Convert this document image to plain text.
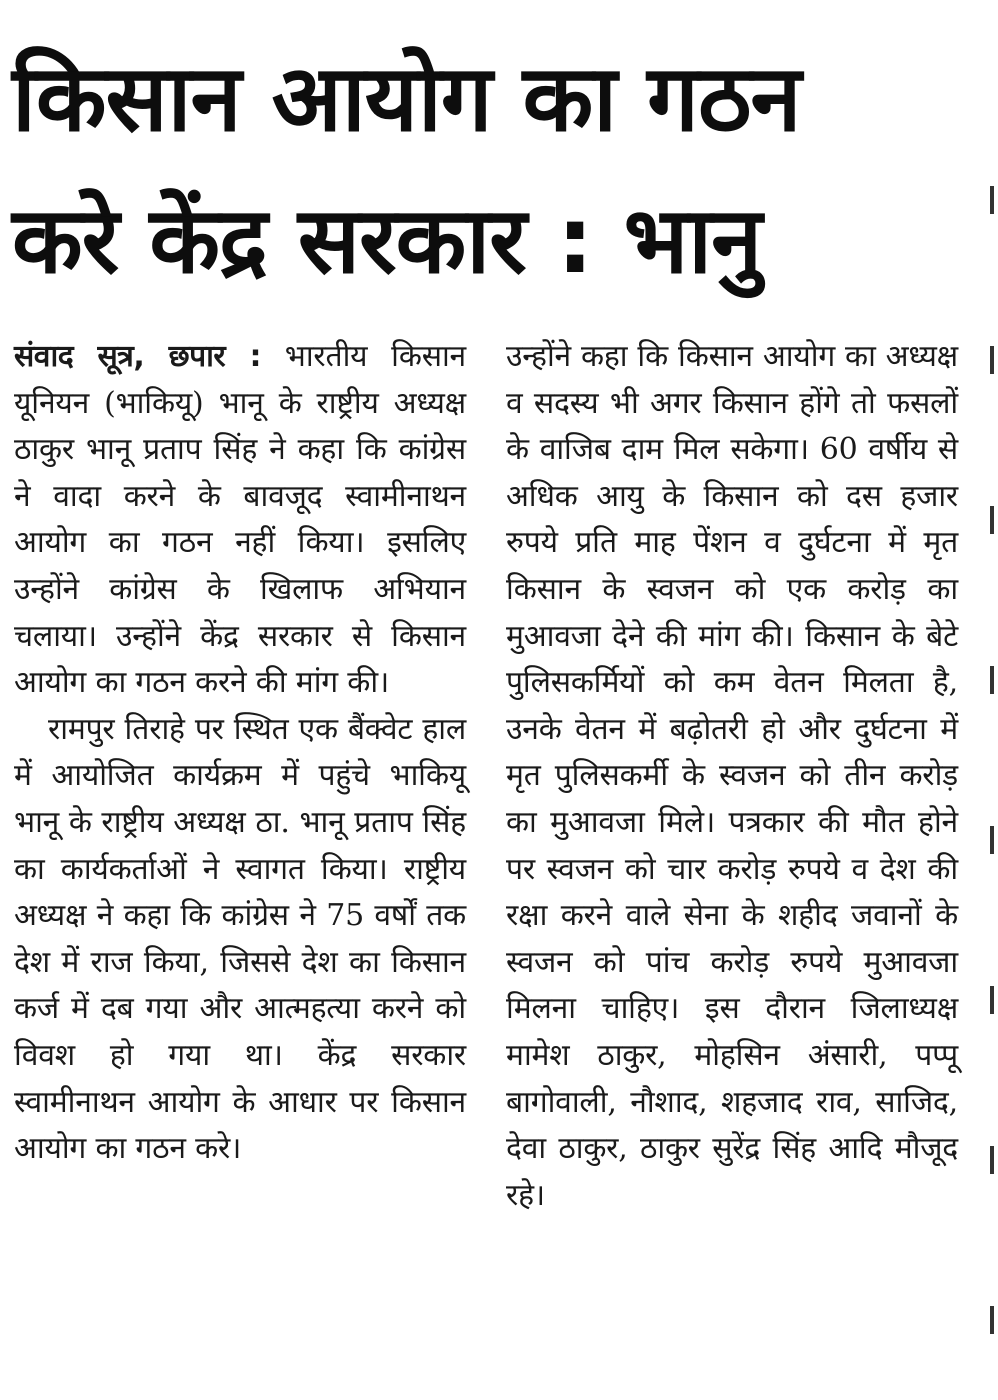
किसान आयोग का गठन
करे केंद्र सरकार : भानु

संवाद सूत्र, छपार : भारतीय किसान यूनियन (भाकियू) भानू के राष्ट्रीय अध्यक्ष ठाकुर भानू प्रताप सिंह ने कहा कि कांग्रेस ने वादा करने के बावजूद स्वामीनाथन आयोग का गठन नहीं किया। इसलिए उन्होंने कांग्रेस के खिलाफ अभियान चलाया। उन्होंने केंद्र सरकार से किसान आयोग का गठन करने की मांग की।

रामपुर तिराहे पर स्थित एक बैंक्वेट हाल में आयोजित कार्यक्रम में पहुंचे भाकियू भानू के राष्ट्रीय अध्यक्ष ठा. भानू प्रताप सिंह का कार्यकर्ताओं ने स्वागत किया। राष्ट्रीय अध्यक्ष ने कहा कि कांग्रेस ने 75 वर्षों तक देश में राज किया, जिससे देश का किसान कर्ज में दब गया और आत्महत्या करने को विवश हो गया था। केंद्र सरकार स्वामीनाथन आयोग के आधार पर किसान आयोग का गठन करे।

उन्होंने कहा कि किसान आयोग का अध्यक्ष व सदस्य भी अगर किसान होंगे तो फसलों के वाजिब दाम मिल सकेगा। 60 वर्षीय से अधिक आयु के किसान को दस हजार रुपये प्रति माह पेंशन व दुर्घटना में मृत किसान के स्वजन को एक करोड़ का मुआवजा देने की मांग की। किसान के बेटे पुलिसकर्मियों को कम वेतन मिलता है, उनके वेतन में बढ़ोतरी हो और दुर्घटना में मृत पुलिसकर्मी के स्वजन को तीन करोड़ का मुआवजा मिले। पत्रकार की मौत होने पर स्वजन को चार करोड़ रुपये व देश की रक्षा करने वाले सेना के शहीद जवानों के स्वजन को पांच करोड़ रुपये मुआवजा मिलना चाहिए। इस दौरान जिलाध्यक्ष मामेश ठाकुर, मोहसिन अंसारी, पप्पू बागोवाली, नौशाद, शहजाद राव, साजिद, देवा ठाकुर, ठाकुर सुरेंद्र सिंह आदि मौजूद रहे।
